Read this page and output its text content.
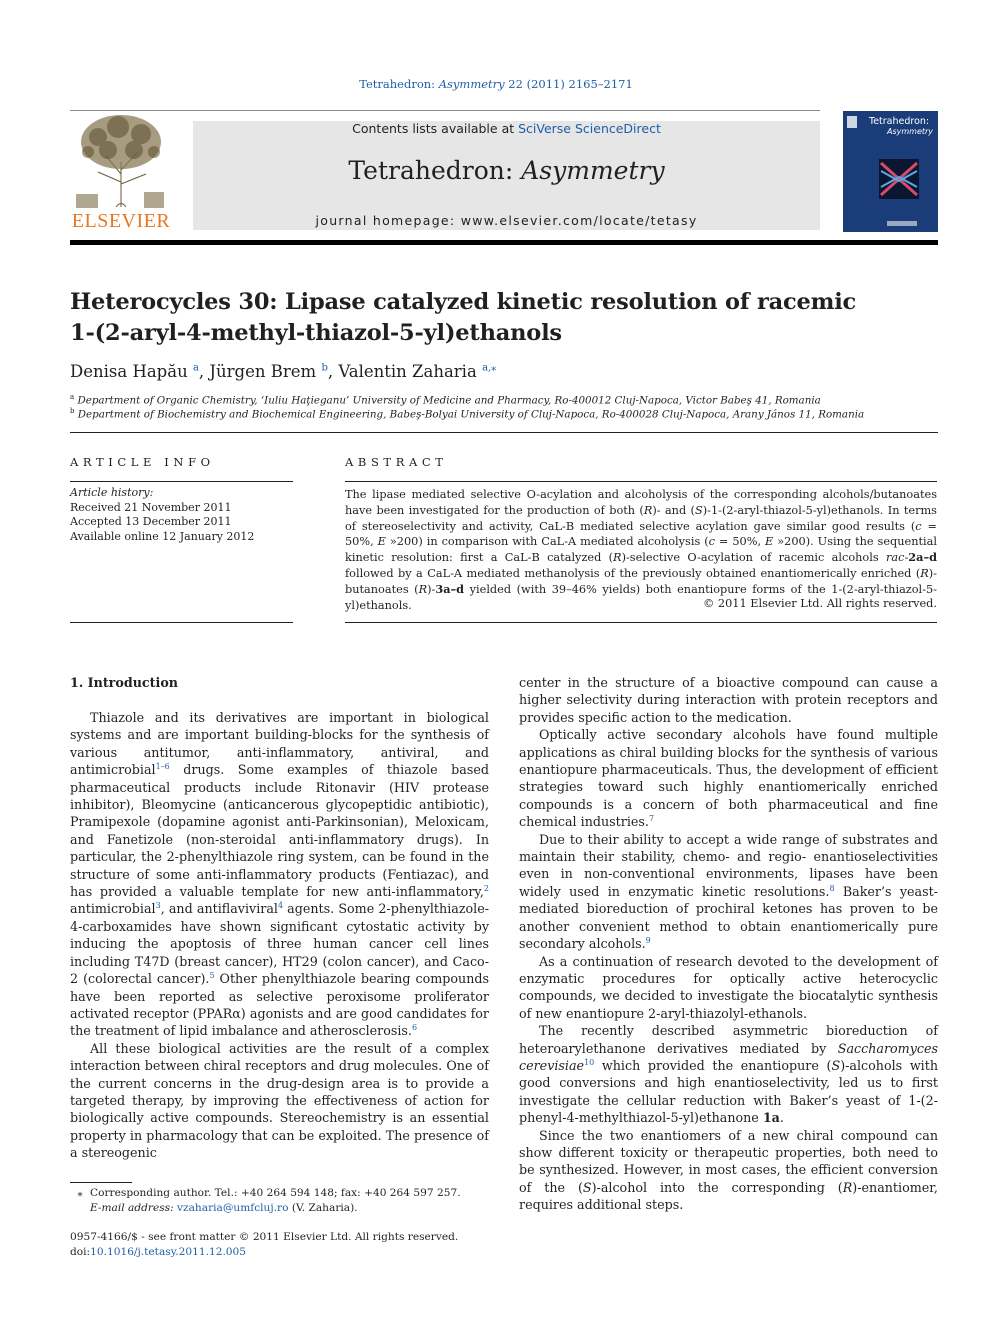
Tetrahedron: Asymmetry 22 (2011) 2165–2171
ELSEVIER
Contents lists available at SciVerse ScienceDirect
Tetrahedron: Asymmetry
journal homepage: www.elsevier.com/locate/tetasy
Tetrahedron:
Asymmetry
Heterocycles 30: Lipase catalyzed kinetic resolution of racemic
1-(2-aryl-4-methyl-thiazol-5-yl)ethanols
Denisa Hapău $^a$, Jürgen Brem $^b$, Valentin Zaharia $^{a,⁎}$
$^a$ Department of Organic Chemistry, ‘Iuliu Haţieganu’ University of Medicine and Pharmacy, Ro-400012 Cluj-Napoca, Victor Babeş 41, Romania
$^b$ Department of Biochemistry and Biochemical Engineering, Babeş-Bolyai University of Cluj-Napoca, Ro-400028 Cluj-Napoca, Arany János 11, Romania
ARTICLE INFO
Article history:
Received 21 November 2011
Accepted 13 December 2011
Available online 12 January 2012
ABSTRACT
The lipase mediated selective O-acylation and alcoholysis of the corresponding alcohols/butanoates have been investigated for the production of both (R)- and (S)-1-(2-aryl-thiazol-5-yl)ethanols. In terms of stereoselectivity and activity, CaL-B mediated selective acylation gave similar good results (c = 50%, E »200) in comparison with CaL-A mediated alcoholysis (c = 50%, E »200). Using the sequential kinetic resolution: first a CaL-B catalyzed (R)-selective O-acylation of racemic alcohols rac-2a–d followed by a CaL-A mediated methanolysis of the previously obtained enantiomerically enriched (R)-butanoates (R)-3a–d yielded (with 39–46% yields) both enantiopure forms of the 1-(2-aryl-thiazol-5-yl)ethanols.	© 2011 Elsevier Ltd. All rights reserved.
1. Introduction

Thiazole and its derivatives are important in biological systems and are important building-blocks for the synthesis of various antitumor, anti-inflammatory, antiviral, and antimicrobial$^{1-6}$ drugs. Some examples of thiazole based pharmaceutical products include Ritonavir (HIV protease inhibitor), Bleomycine (anticancerous glycopeptidic antibiotic), Pramipexole (dopamine agonist anti-Parkinsonian), Meloxicam, and Fanetizole (non-steroidal anti-inflammatory drugs). In particular, the 2-phenylthiazole ring system, can be found in the structure of some anti-inflammatory products (Fentiazac), and has provided a valuable template for new anti-inflammatory,$^2$ antimicrobial$^3$, and antiflaviviral$^4$ agents. Some 2-phenylthiazole-4-carboxamides have shown significant cytostatic activity by inducing the apoptosis of three human cancer cell lines including T47D (breast cancer), HT29 (colon cancer), and Caco-2 (colorectal cancer).$^5$ Other phenylthiazole bearing compounds have been reported as selective peroxisome proliferator activated receptor (PPARα) agonists and are good candidates for the treatment of lipid imbalance and atherosclerosis.$^6$

All these biological activities are the result of a complex interaction between chiral receptors and drug molecules. One of the current concerns in the drug-design area is to provide a targeted therapy, by improving the effectiveness of action for biologically active compounds. Stereochemistry is an essential property in pharmacology that can be exploited. The presence of a stereogenic

center in the structure of a bioactive compound can cause a higher selectivity during interaction with protein receptors and provides specific action to the medication.

Optically active secondary alcohols have found multiple applications as chiral building blocks for the synthesis of various enantiopure pharmaceuticals. Thus, the development of efficient strategies toward such highly enantiomerically enriched compounds is a concern of both pharmaceutical and fine chemical industries.$^7$

Due to their ability to accept a wide range of substrates and maintain their stability, chemo- and regio- enantioselectivities even in non-conventional environments, lipases have been widely used in enzymatic kinetic resolutions.$^8$ Baker’s yeast-mediated bioreduction of prochiral ketones has proven to be another convenient method to obtain enantiomerically pure secondary alcohols.$^9$

As a continuation of research devoted to the development of enzymatic procedures for optically active heterocyclic compounds, we decided to investigate the biocatalytic synthesis of new enantiopure 2-aryl-thiazolyl-ethanols.

The recently described asymmetric bioreduction of heteroarylethanone derivatives mediated by Saccharomyces cerevisiae$^{10}$ which provided the enantiopure (S)-alcohols with good conversions and high enantioselectivity, led us to first investigate the cellular reduction with Baker’s yeast of 1-(2-phenyl-4-methylthiazol-5-yl)ethanone 1a.

Since the two enantiomers of a new chiral compound can show different toxicity or therapeutic properties, both need to be synthesized. However, in most cases, the efficient conversion of the (S)-alcohol into the corresponding (R)-enantiomer, requires additional steps.

⁎ Corresponding author. Tel.: +40 264 594 148; fax: +40 264 597 257.
E-mail address: vzaharia@umfcluj.ro (V. Zaharia).
0957-4166/$ - see front matter © 2011 Elsevier Ltd. All rights reserved.
doi:10.1016/j.tetasy.2011.12.005
